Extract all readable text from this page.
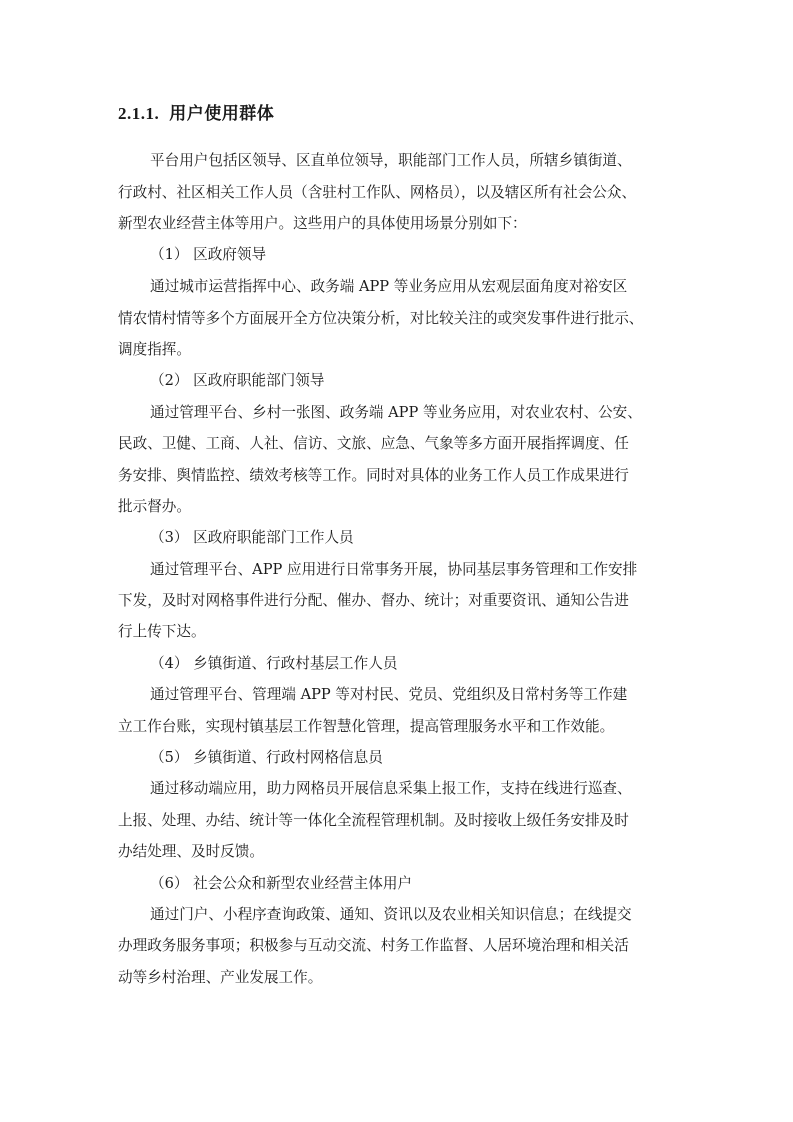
2.1.1. 用户使用群体
平台用户包括区领导、区直单位领导，职能部门工作人员，所辖乡镇街道、
行政村、社区相关工作人员（含驻村工作队、网格员），以及辖区所有社会公众、
新型农业经营主体等用户。这些用户的具体使用场景分别如下：
（1） 区政府领导
通过城市运营指挥中心、政务端 APP 等业务应用从宏观层面角度对裕安区
情农情村情等多个方面展开全方位决策分析，对比较关注的或突发事件进行批示、
调度指挥。
（2） 区政府职能部门领导
通过管理平台、乡村一张图、政务端 APP 等业务应用，对农业农村、公安、
民政、卫健、工商、人社、信访、文旅、应急、气象等多方面开展指挥调度、任
务安排、舆情监控、绩效考核等工作。同时对具体的业务工作人员工作成果进行
批示督办。
（3） 区政府职能部门工作人员
通过管理平台、APP 应用进行日常事务开展，协同基层事务管理和工作安排
下发，及时对网格事件进行分配、催办、督办、统计；对重要资讯、通知公告进
行上传下达。
（4） 乡镇街道、行政村基层工作人员
通过管理平台、管理端 APP 等对村民、党员、党组织及日常村务等工作建
立工作台账，实现村镇基层工作智慧化管理，提高管理服务水平和工作效能。
（5） 乡镇街道、行政村网格信息员
通过移动端应用，助力网格员开展信息采集上报工作，支持在线进行巡查、
上报、处理、办结、统计等一体化全流程管理机制。及时接收上级任务安排及时
办结处理、及时反馈。
（6） 社会公众和新型农业经营主体用户
通过门户、小程序查询政策、通知、资讯以及农业相关知识信息；在线提交
办理政务服务事项；积极参与互动交流、村务工作监督、人居环境治理和相关活
动等乡村治理、产业发展工作。
